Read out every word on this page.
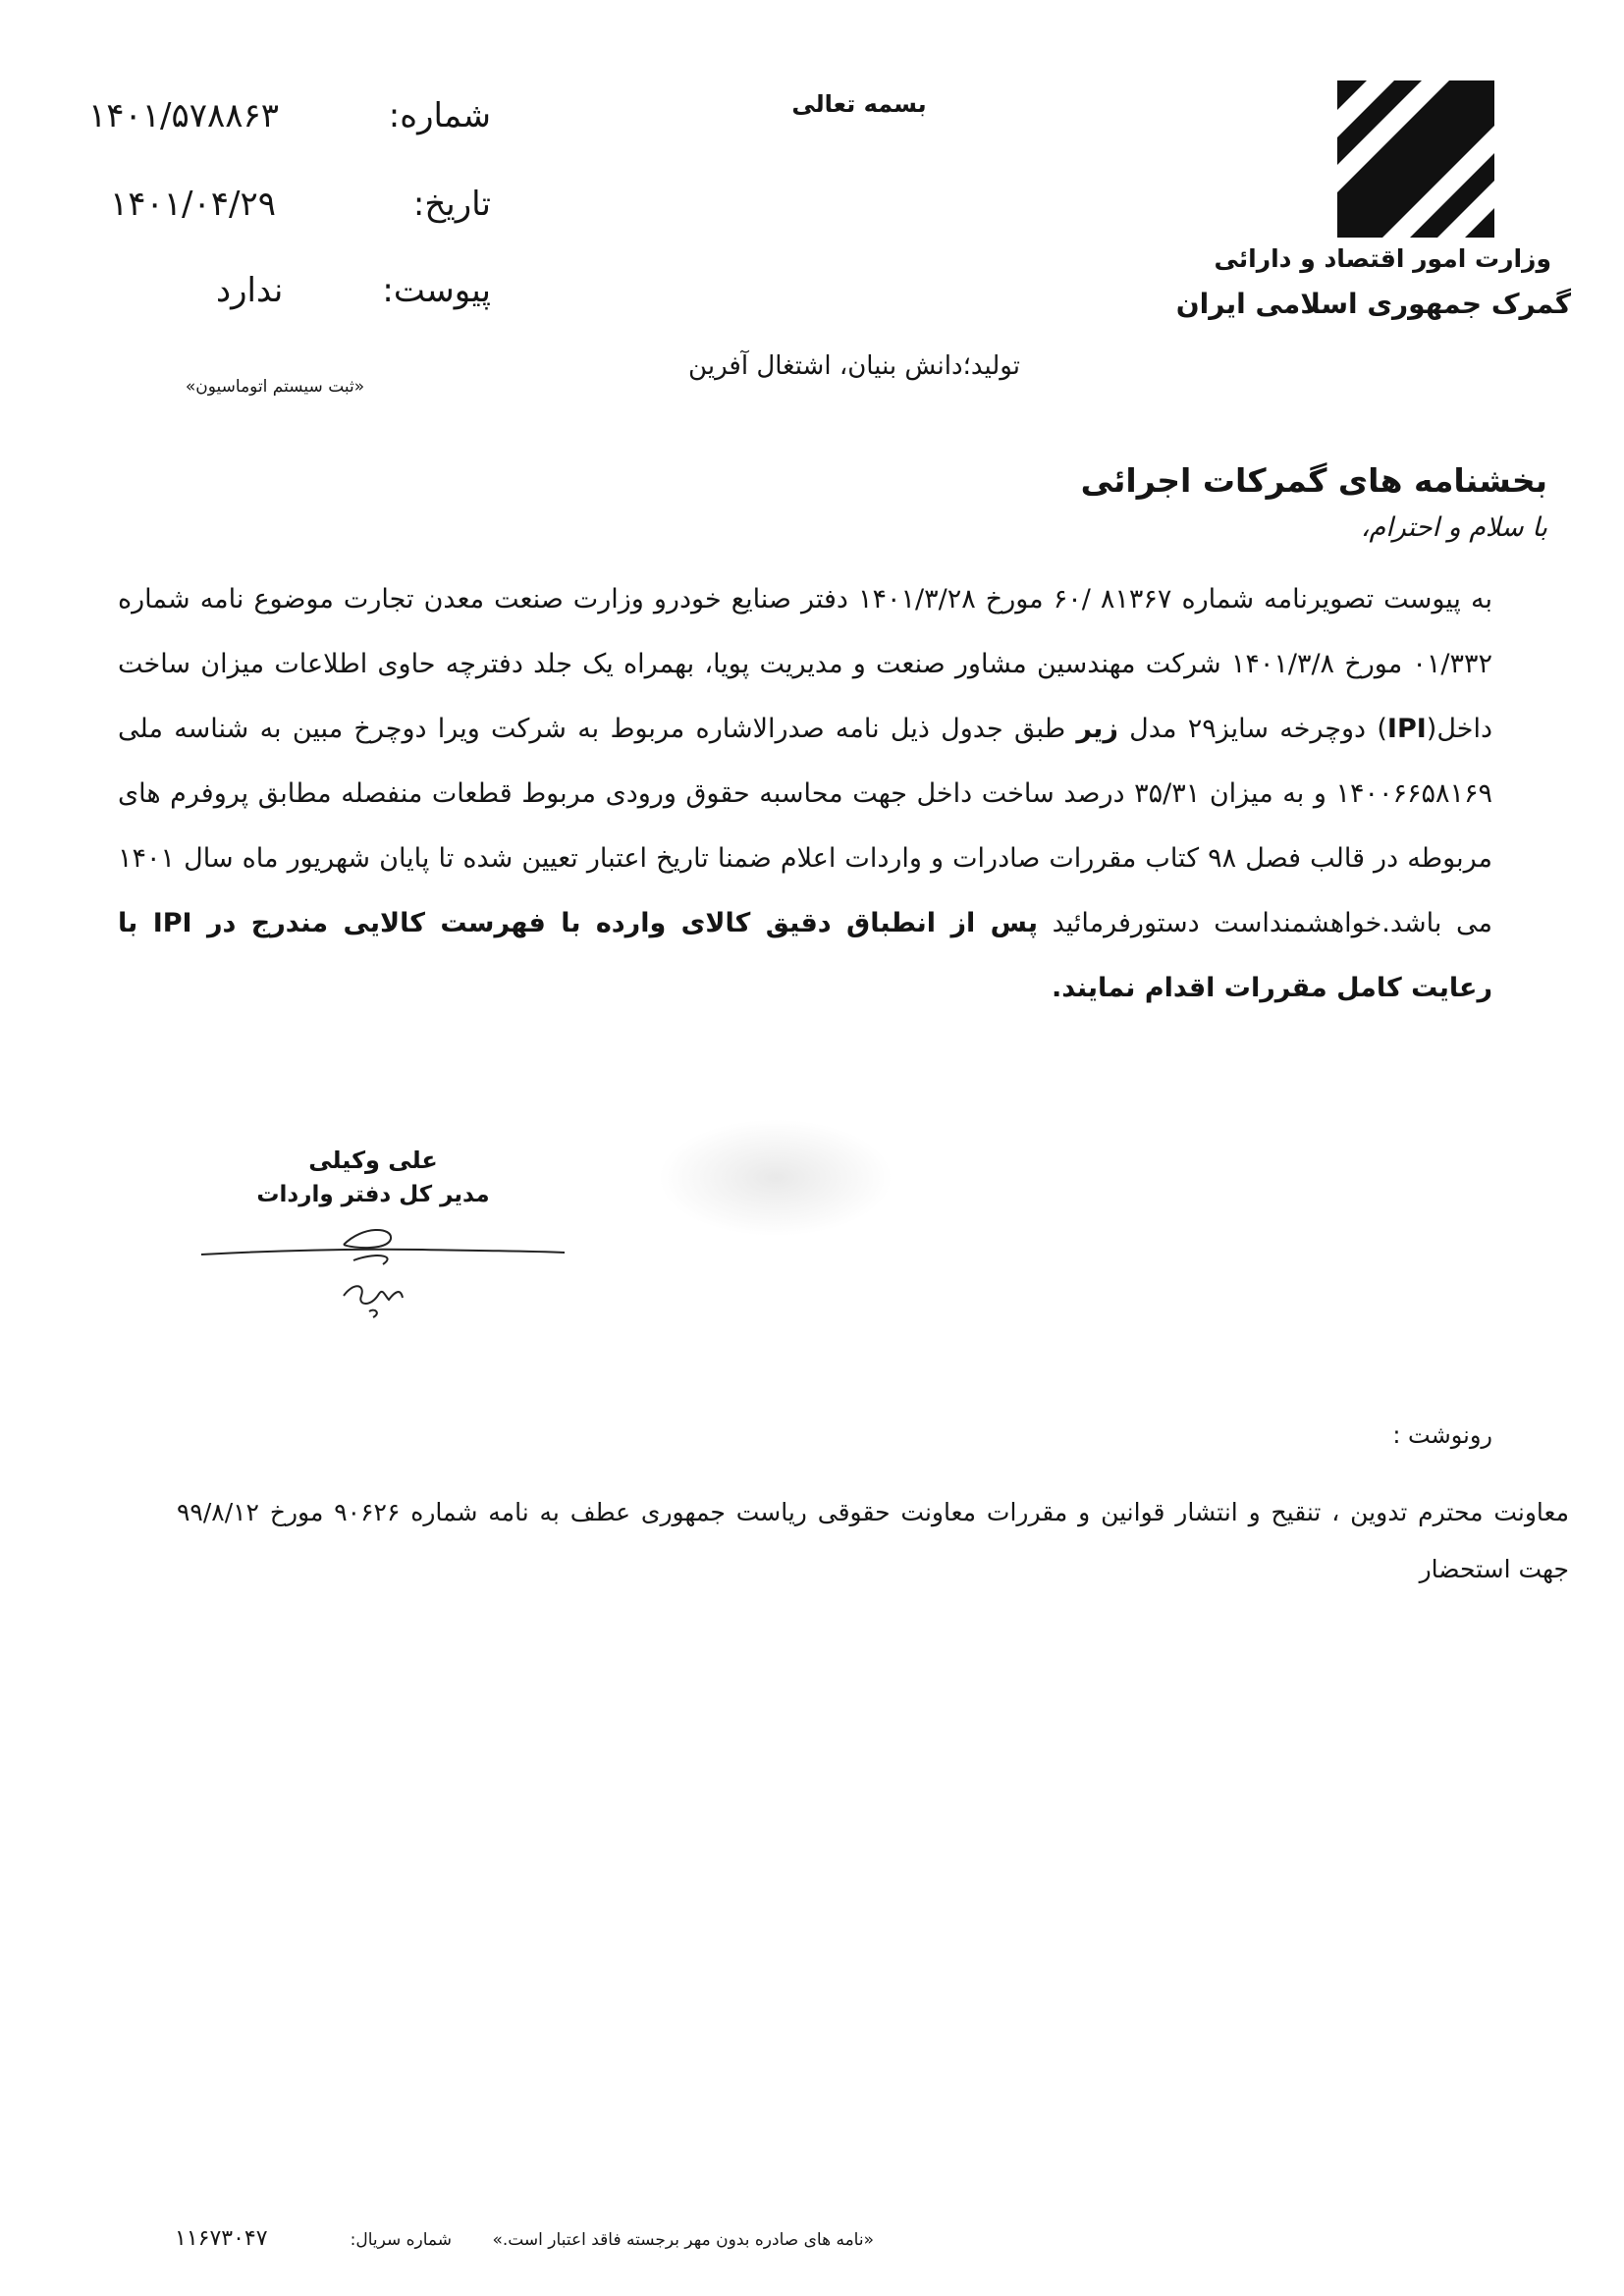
وزارت امور اقتصاد و دارائی
گمرک جمهوری اسلامی ایران
بسمه تعالی
تولید؛دانش بنیان، اشتغال آفرین
شماره:
۱۴۰۱/۵۷۸۸۶۳
تاریخ:
۱۴۰۱/۰۴/۲۹
پیوست:
ندارد
«ثبت سیستم اتوماسیون»
بخشنامه های گمرکات اجرائی
با سلام و احترام،
به پیوست تصویرنامه شماره ۸۱۳۶۷ /۶۰ مورخ ۱۴۰۱/۳/۲۸ دفتر صنایع خودرو وزارت صنعت معدن تجارت موضوع نامه شماره ۰۱/۳۳۲ مورخ ۱۴۰۱/۳/۸ شرکت مهندسین مشاور صنعت و مدیریت پویا، بهمراه یک جلد دفترچه حاوی اطلاعات میزان ساخت داخل(IPI) دوچرخه سایز۲۹ مدل زیر طبق جدول ذیل نامه صدرالاشاره مربوط به شرکت ویرا دوچرخ مبین به شناسه ملی ۱۴۰۰۶۶۵۸۱۶۹ و به میزان ۳۵/۳۱ درصد ساخت داخل جهت محاسبه حقوق ورودی مربوط قطعات منفصله مطابق پروفرم های مربوطه در قالب فصل ۹۸ کتاب مقررات صادرات و واردات اعلام ضمنا تاریخ اعتبار تعیین شده تا پایان شهریور ماه سال ۱۴۰۱ می باشد.خواهشمنداست دستورفرمائید پس از انطباق دقیق کالای وارده با فهرست کالایی مندرج در IPI با رعایت کامل مقررات اقدام نمایند.
علی وکیلی
مدیر کل دفتر واردات
رونوشت :
معاونت محترم تدوین ، تنقیح و انتشار قوانین و مقررات معاونت حقوقی ریاست جمهوری عطف به نامه شماره ۹۰۶۲۶ مورخ ۹۹/۸/۱۲ جهت استحضار
«نامه های صادره بدون مهر برجسته فاقد اعتبار است.»
شماره سریال:
۱۱۶۷۳۰۴۷
